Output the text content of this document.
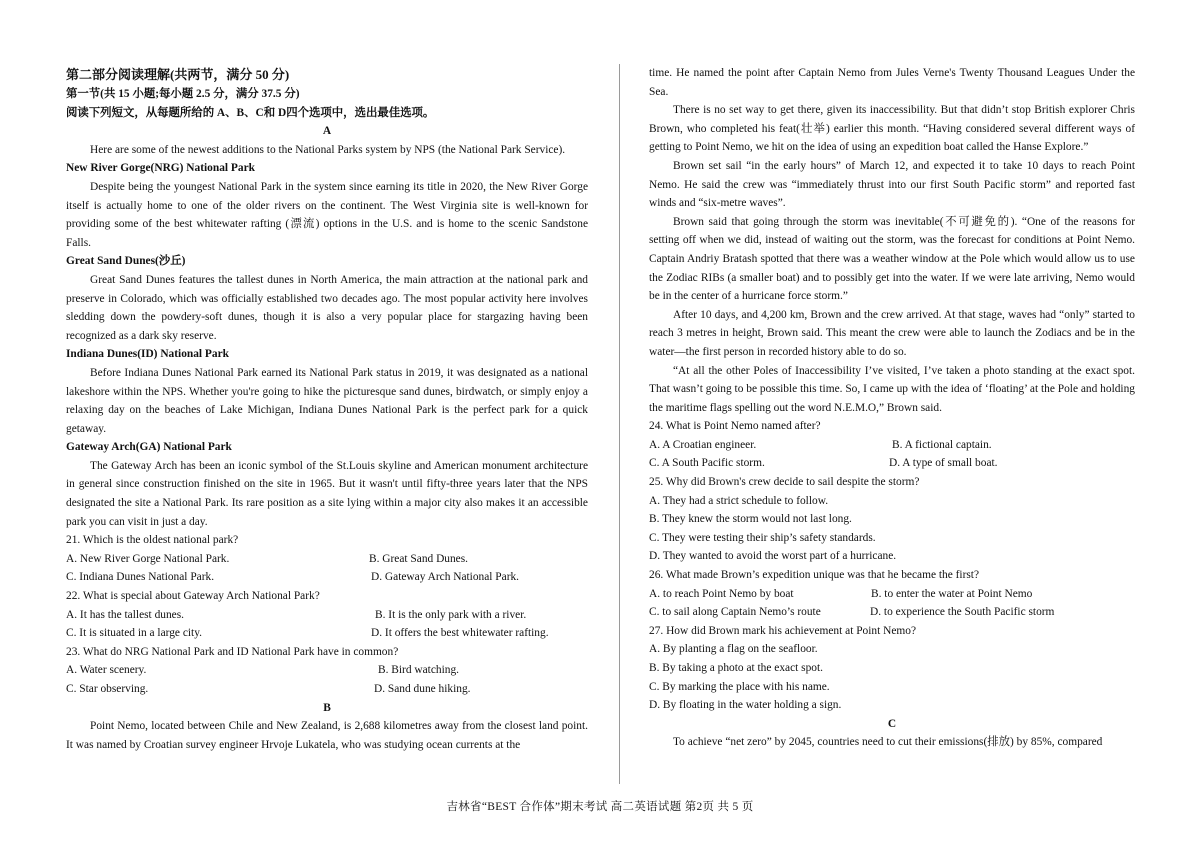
第二部分阅读理解(共两节，满分 50 分)

第一节(共 15 小题;每小题 2.5 分，满分 37.5 分)

阅读下列短文，从每题所给的 A、B、C和 D四个选项中，选出最佳选项。

A

Here are some of the newest additions to the National Parks system by NPS (the National Park Service).

New River Gorge(NRG) National Park

Despite being the youngest National Park in the system since earning its title in 2020, the New River Gorge itself is actually home to one of the older rivers on the continent. The West Virginia site is well-known for providing some of the best whitewater rafting (漂流) options in the U.S. and is home to the scenic Sandstone Falls.

Great Sand Dunes(沙丘)

Great Sand Dunes features the tallest dunes in North America, the main attraction at the national park and preserve in Colorado, which was officially established two decades ago. The most popular activity here involves sledding down the powdery-soft dunes, though it is also a very popular place for stargazing having been recognized as a dark sky reserve.

Indiana Dunes(ID) National Park

Before Indiana Dunes National Park earned its National Park status in 2019, it was designated as a national lakeshore within the NPS. Whether you're going to hike the picturesque sand dunes, birdwatch, or simply enjoy a relaxing day on the beaches of Lake Michigan, Indiana Dunes National Park is the perfect park for a quick getaway.

Gateway Arch(GA) National Park

The Gateway Arch has been an iconic symbol of the St.Louis skyline and American monument architecture in general since construction finished on the site in 1965. But it wasn't until fifty-three years later that the NPS designated the site a National Park. Its rare position as a site lying within a major city also makes it an accessible park you can visit in just a day.

21. Which is the oldest national park?

A. New River Gorge National Park.	B. Great Sand Dunes.
C. Indiana Dunes National Park.	D. Gateway Arch National Park.

22. What is special about Gateway Arch National Park?

A. It has the tallest dunes.	B. It is the only park with a river.
C. It is situated in a large city.	D. It offers the best whitewater rafting.

23. What do NRG National Park and ID National Park have in common?

A. Water scenery.	B. Bird watching.
C. Star observing.	D. Sand dune hiking.

B

Point Nemo, located between Chile and New Zealand, is 2,688 kilometres away from the closest land point. It was named by Croatian survey engineer Hrvoje Lukatela, who was studying ocean currents at the

time. He named the point after Captain Nemo from Jules Verne's Twenty Thousand Leagues Under the Sea.

There is no set way to get there, given its inaccessibility. But that didn’t stop British explorer Chris Brown, who completed his feat(壮举) earlier this month. “Having considered several different ways of getting to Point Nemo, we hit on the idea of using an expedition boat called the Hanse Explore.”

Brown set sail “in the early hours” of March 12, and expected it to take 10 days to reach Point Nemo. He said the crew was “immediately thrust into our first South Pacific storm” and reported fast winds and “six-metre waves”.

Brown said that going through the storm was inevitable(不可避免的). “One of the reasons for setting off when we did, instead of waiting out the storm, was the forecast for conditions at Point Nemo. Captain Andriy Bratash spotted that there was a weather window at the Pole which would allow us to use the Zodiac RIBs (a smaller boat) and to possibly get into the water. If we were late arriving, Nemo would be in the center of a hurricane force storm.”

After 10 days, and 4,200 km, Brown and the crew arrived. At that stage, waves had “only” started to reach 3 metres in height, Brown said. This meant the crew were able to launch the Zodiacs and be in the water—the first person in recorded history able to do so.

“At all the other Poles of Inaccessibility I’ve visited, I’ve taken a photo standing at the exact spot. That wasn’t going to be possible this time. So, I came up with the idea of ‘floating’ at the Pole and holding the maritime flags spelling out the word N.E.M.O,” Brown said.

24. What is Point Nemo named after?

A. A Croatian engineer.	B. A fictional captain.
C. A South Pacific storm.	D. A type of small boat.

25. Why did Brown's crew decide to sail despite the storm?

A. They had a strict schedule to follow.

B. They knew the storm would not last long.

C. They were testing their ship’s safety standards.

D. They wanted to avoid the worst part of a hurricane.

26. What made Brown’s expedition unique was that he became the first?

A. to reach Point Nemo by boat	B. to enter the water at Point Nemo
C. to sail along Captain Nemo’s route	D. to experience the South Pacific storm

27. How did Brown mark his achievement at Point Nemo?

A. By planting a flag on the seafloor.

B. By taking a photo at the exact spot.

C. By marking the place with his name.

D. By floating in the water holding a sign.

C

To achieve “net zero” by 2045, countries need to cut their emissions(排放) by 85%, compared

吉林省“BEST 合作体”期末考试 高二英语试题 第2页 共 5 页
